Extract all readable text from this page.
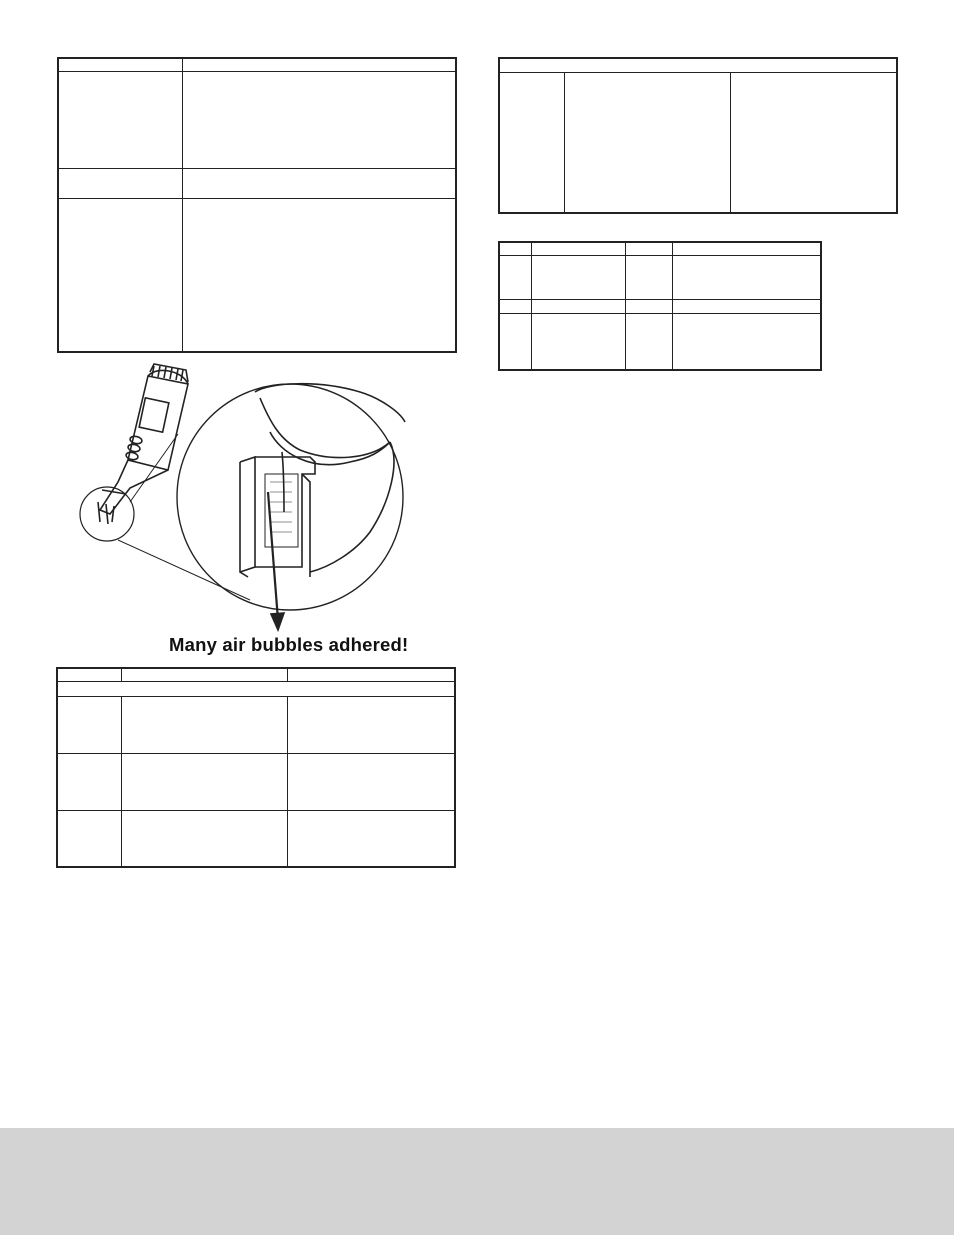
Many air bubbles adhered!
